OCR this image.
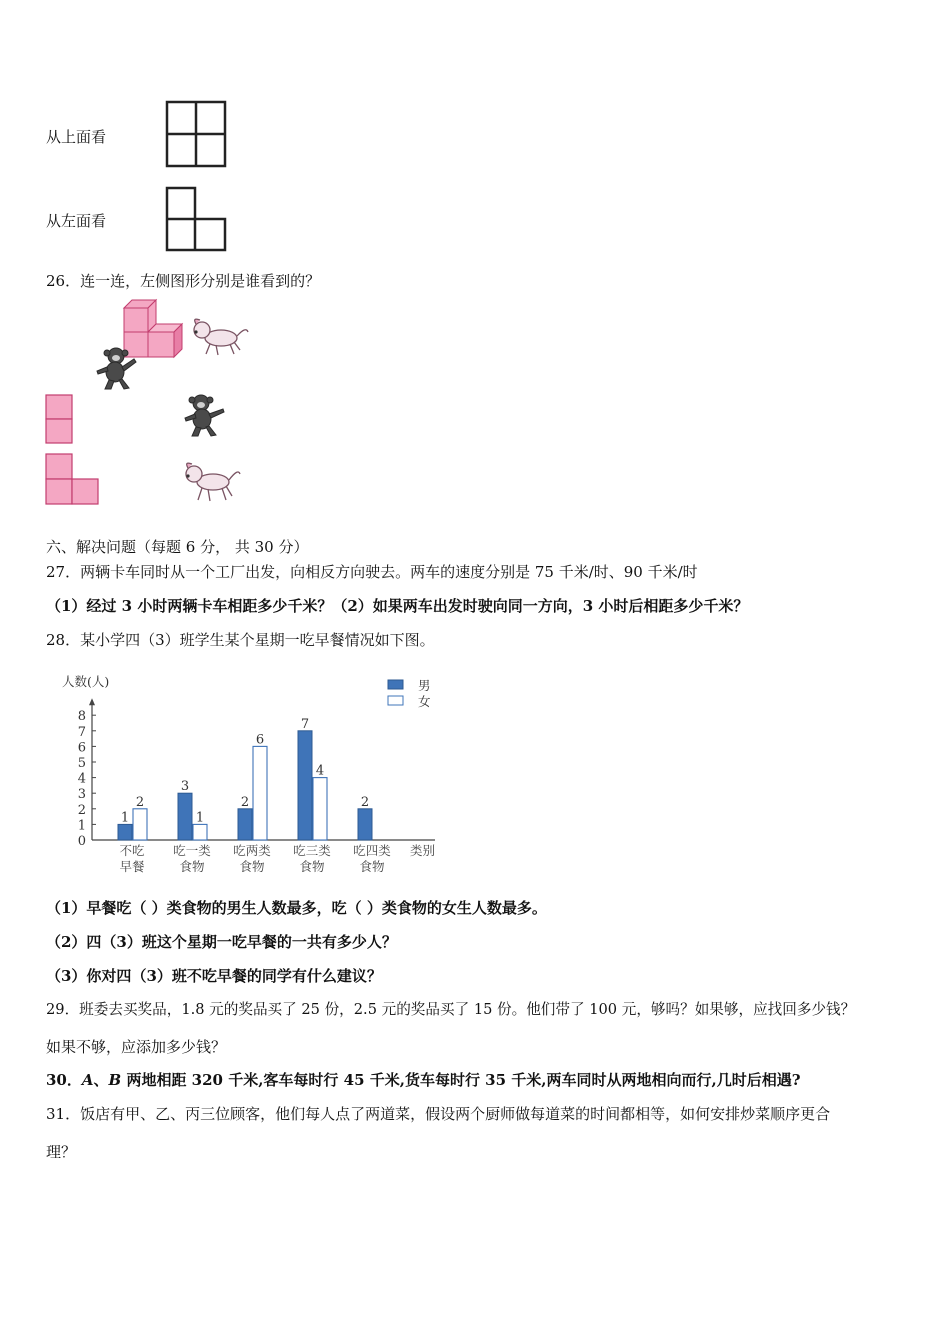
从上面看
从左面看
26．连一连，左侧图形分别是谁看到的？
六、解决问题（每题 6 分， 共 30 分）
27．两辆卡车同时从一个工厂出发，向相反方向驶去。两车的速度分别是 75 千米/时、90 千米/时
（1）经过 3 小时两辆卡车相距多少千米？（2）如果两车出发时驶向同一方向，3 小时后相距多少千米？
28．某小学四（3）班学生某个星期一吃早餐情况如下图。
0
1
2
3
4
5
6
7
8
人数(人)
1
2
不吃
早餐
3
1
吃一类
食物
2
6
吃两类
食物
7
4
吃三类
食物
2
吃四类
食物
类别
男
女
（1）早餐吃（ ）类食物的男生人数最多，吃（ ）类食物的女生人数最多。
（2）四（3）班这个星期一吃早餐的一共有多少人？
（3）你对四（3）班不吃早餐的同学有什么建议？
29．班委去买奖品，1.8 元的奖品买了 25 份，2.5 元的奖品买了 15 份。他们带了 100 元，够吗？如果够，应找回多少钱？
如果不够，应添加多少钱？
30．A、B 两地相距 320 千米,客车每时行 45 千米,货车每时行 35 千米,两车同时从两地相向而行,几时后相遇?
31．饭店有甲、乙、丙三位顾客，他们每人点了两道菜，假设两个厨师做每道菜的时间都相等，如何安排炒菜顺序更合
理？
